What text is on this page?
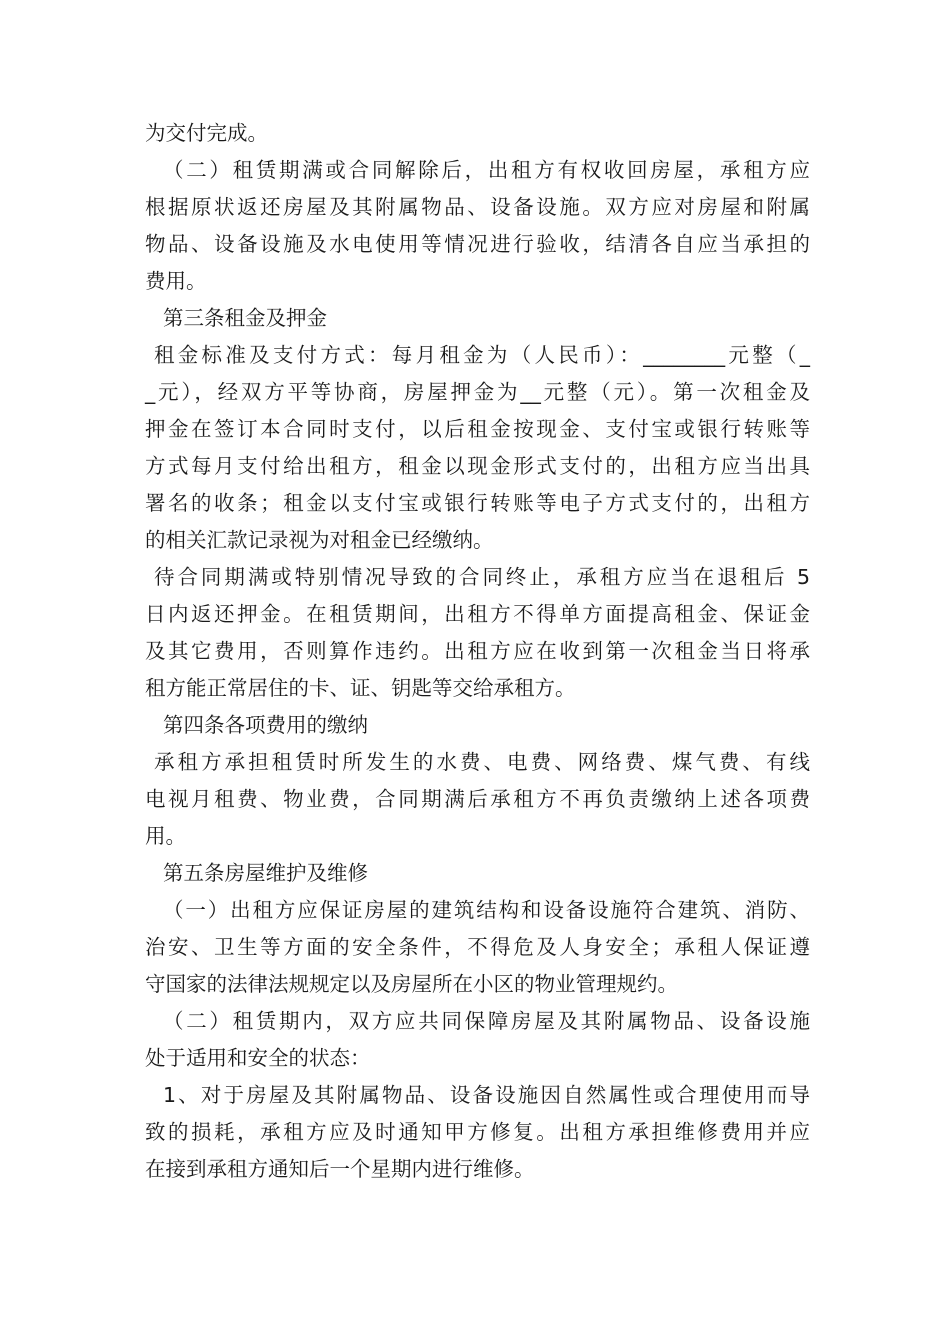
为交付完成。
（二）租赁期满或合同解除后，出租方有权收回房屋，承租方应
根据原状返还房屋及其附属物品、设备设施。双方应对房屋和附属
物品、设备设施及水电使用等情况进行验收，结清各自应当承担的
费用。
第三条租金及押金
租金标准及支付方式：每月租金为（人民币）：________元整（_
_元），经双方平等协商，房屋押金为__元整（元）。第一次租金及
押金在签订本合同时支付，以后租金按现金、支付宝或银行转账等
方式每月支付给出租方，租金以现金形式支付的，出租方应当出具
署名的收条；租金以支付宝或银行转账等电子方式支付的，出租方
的相关汇款记录视为对租金已经缴纳。
待合同期满或特别情况导致的合同终止，承租方应当在退租后 5
日内返还押金。在租赁期间，出租方不得单方面提高租金、保证金
及其它费用，否则算作违约。出租方应在收到第一次租金当日将承
租方能正常居住的卡、证、钥匙等交给承租方。
第四条各项费用的缴纳
承租方承担租赁时所发生的水费、电费、网络费、煤气费、有线
电视月租费、物业费，合同期满后承租方不再负责缴纳上述各项费
用。
第五条房屋维护及维修
（一）出租方应保证房屋的建筑结构和设备设施符合建筑、消防、
治安、卫生等方面的安全条件，不得危及人身安全；承租人保证遵
守国家的法律法规规定以及房屋所在小区的物业管理规约。
（二）租赁期内，双方应共同保障房屋及其附属物品、设备设施
处于适用和安全的状态：
1、对于房屋及其附属物品、设备设施因自然属性或合理使用而导
致的损耗，承租方应及时通知甲方修复。出租方承担维修费用并应
在接到承租方通知后一个星期内进行维修。
